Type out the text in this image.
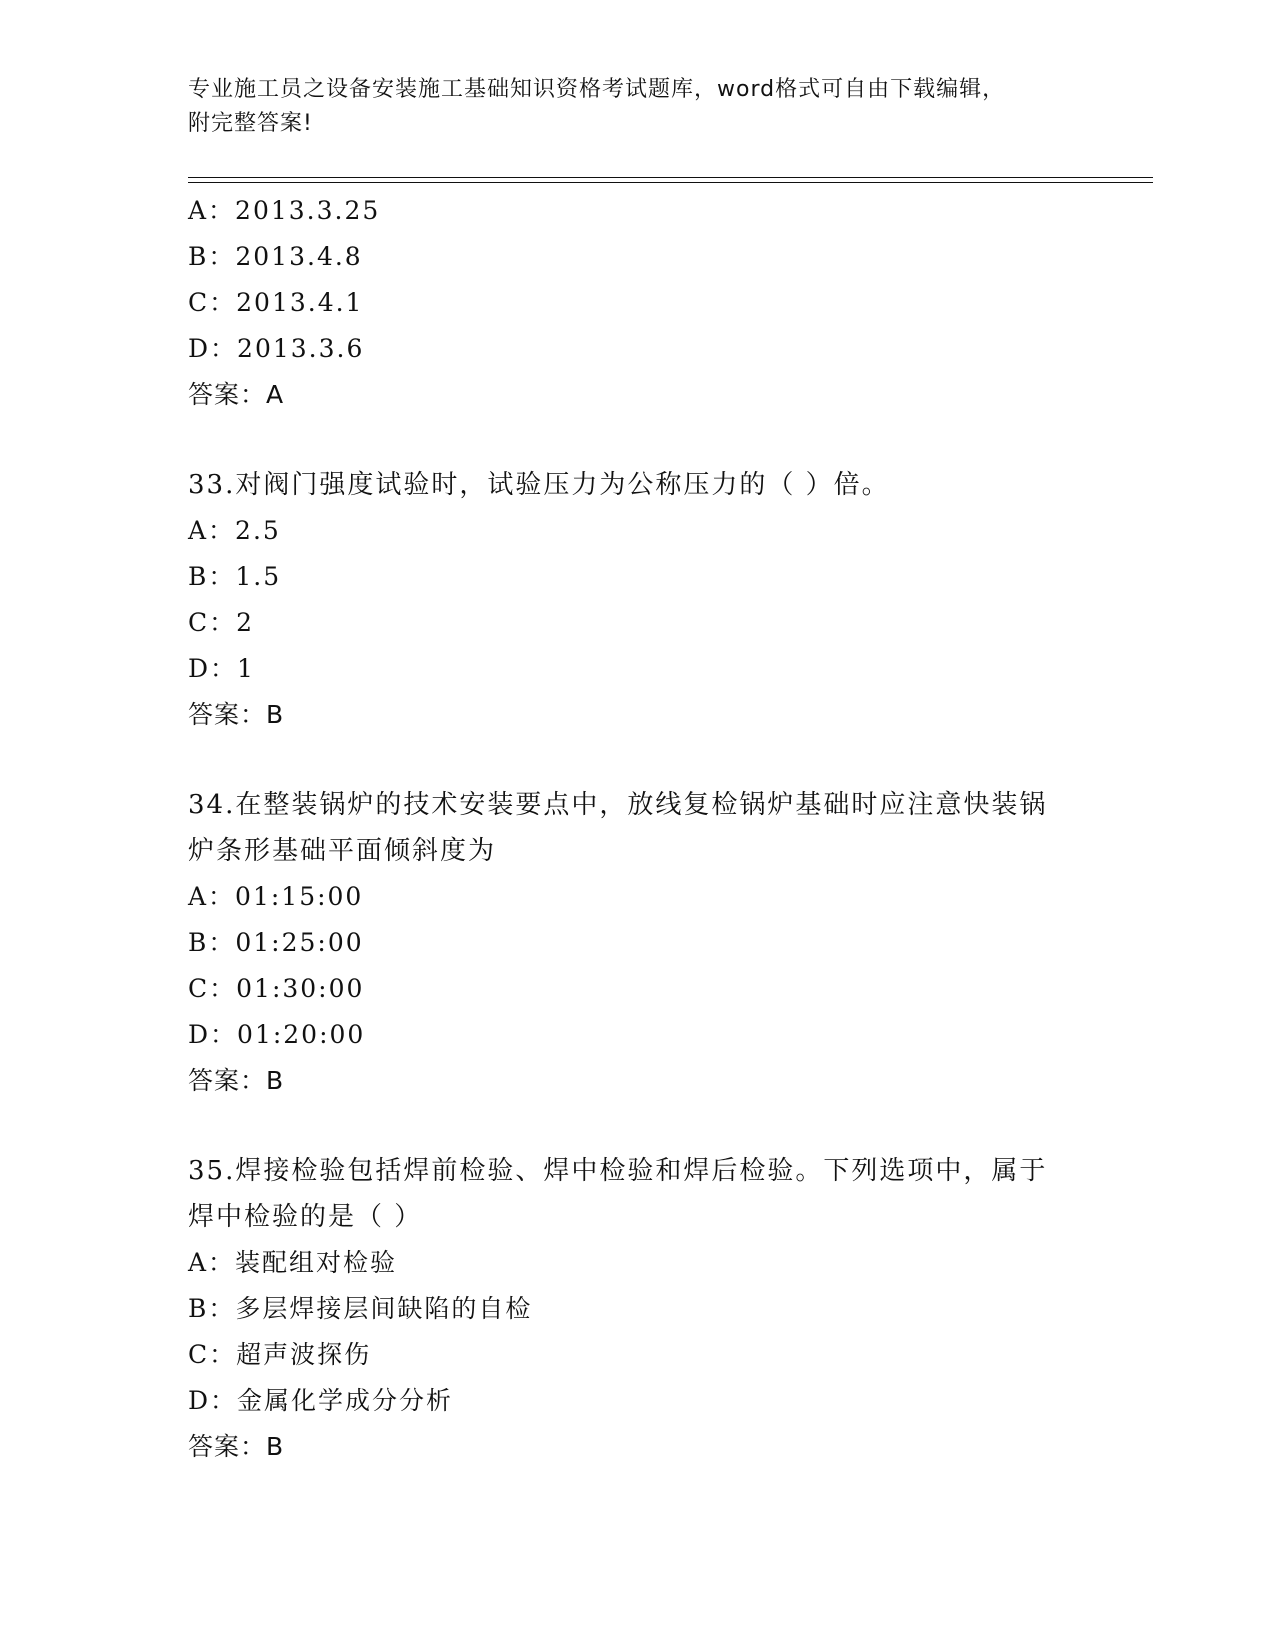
专业施工员之设备安装施工基础知识资格考试题库，word格式可自由下载编辑，
附完整答案!
A：2013.3.25
B：2013.4.8
C：2013.4.1
D：2013.3.6
答案：A
33.对阀门强度试验时，试验压力为公称压力的（ ）倍。
A：2.5
B：1.5
C：2
D：1
答案：B
34.在整装锅炉的技术安装要点中，放线复检锅炉基础时应注意快装锅
炉条形基础平面倾斜度为
A：01:15:00
B：01:25:00
C：01:30:00
D：01:20:00
答案：B
35.焊接检验包括焊前检验、焊中检验和焊后检验。下列选项中，属于
焊中检验的是（ ）
A：装配组对检验
B：多层焊接层间缺陷的自检
C：超声波探伤
D：金属化学成分分析
答案：B
